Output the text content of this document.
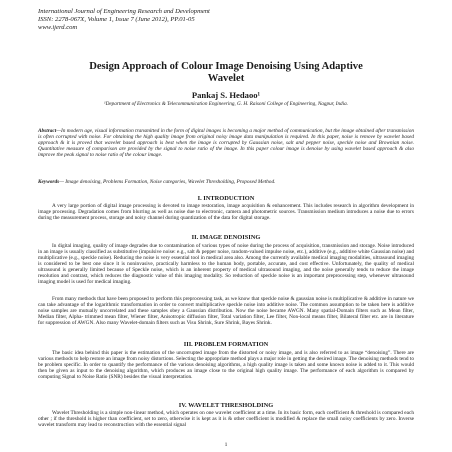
International Journal of Engineering Research and Development
ISSN: 2278-067X, Volume 1, Issue 7 (June 2012), PP.01-05
www.ijerd.com
Design Approach of Colour Image Denoising Using Adaptive
Wavelet
Pankaj S. Hedaoo¹
¹Department of Electronics & Telecommunication Engineering, G. H. Raisoni College of Engineering, Nagpur, India.
Abstract—In modern age, visual information transmitted in the form of digital images is becoming a major method of communication, but the image obtained after transmission is often corrupted with noise. For obtaining the high quality image from original noisy image data manipulation is required. In this paper, noise is remove by wavelet based approach & it is proved that wavelet based approach is best when the image is corrupted by Gaussian noise, salt and pepper noise, speckle noise and Brownian noise. Quantitative measure of comparison are provided by the signal to noise ratio of the image. In this paper colour image is denoise by using wavelet based approach & also improve the peak signal to noise ratio of the colour image.
Keywords— Image denoising, Problems Formation, Noise categories, Wavelet Thresholding, Proposed Method.
I. INTRODUCTION
A very large portion of digital image processing is devoted to image restoration, image acquisition & enhancement. This includes research in algorithm development in image processing. Degradation comes from blurring as well as noise due to electronic, camera and photometric sources. Transmission medium introduces a noise due to errors during the measurement process, storage and noisy channel during quantization of the data for digital storage.
II. IMAGE DENOISING
In digital imaging, quality of image degrades due to contamination of various types of noise during the process of acquisition, transmission and storage. Noise introduced in an image is usually classified as substitutive (impulsive noise: e.g., salt & pepper noise, random-valued impulse noise, etc.), additive (e.g., additive white Gaussian noise) and multiplicative (e.g., speckle noise). Reducing the noise is very essential tool in medical area also. Among the currently available medical imaging modalities, ultrasound imaging is considered to be best one since it is noninvasive, practically harmless to the human body, portable, accurate, and cost effective. Unfortunately, the quality of medical ultrasound is generally limited because of Speckle noise, which is an inherent property of medical ultrasound imaging, and the noise generally tends to reduce the image resolution and contrast, which reduces the diagnostic value of this imaging modality. So reduction of speckle noise is an important preprocessing step, whenever ultrasound imaging model is used for medical imaging.
From many methods that have been proposed to perform this preprocessing task, as we know that speckle noise & gaussian noise is multiplicative & additive in nature we can take advantage of the logarithmic transformation in order to convert multiplicative speckle noise into additive noise. The common assumption to be taken here is additive noise samples are mutually uncorrelated and these samples obey a Gaussian distribution. Now the noise became AWGN. Many spatial-Domain filters such as Mean filter, Median filter, Alpha- trimmed mean filter, Wiener filter, Anisotropic diffusion filter, Total variation filter, Lee filter, Non-local means filter, Bilateral filter etc. are in literature for suppression of AWGN. Also many Wavelet-domain filters such as Visu Shrink, Sure Shrink, Bayes Shrink.
III. PROBLEM FORMATION
The basic idea behind this paper is the estimation of the uncorrupted image from the distorted or noisy image, and is also referred to as image “denoising”. There are various methods to help restore an image from noisy distortions. Selecting the appropriate method plays a major role in getting the desired image. The denoising methods tend to be problem specific. In order to quantify the performance of the various denoising algorithms, a high quality image is taken and some known noise is added to it. This would then be given as input to the denoising algorithm, which produces an image close to the original high quality image. The performance of each algorithm is compared by computing Signal to Noise Ratio (SNR) besides the visual interpretation.
IV. WAVELET THRESHOLDING
Wavelet Thresholding is a simple non-linear method, which operates on one wavelet coefficient at a time. In its basic form, each coefficient & threshold is compared each other ; if the threshold is higher than coefficient, set to zero, otherwise it is kept as it is & other coefficient is modified & replace the small noisy coefficients by zero. Inverse wavelet transform may lead to reconstruction with the essential signal
1
